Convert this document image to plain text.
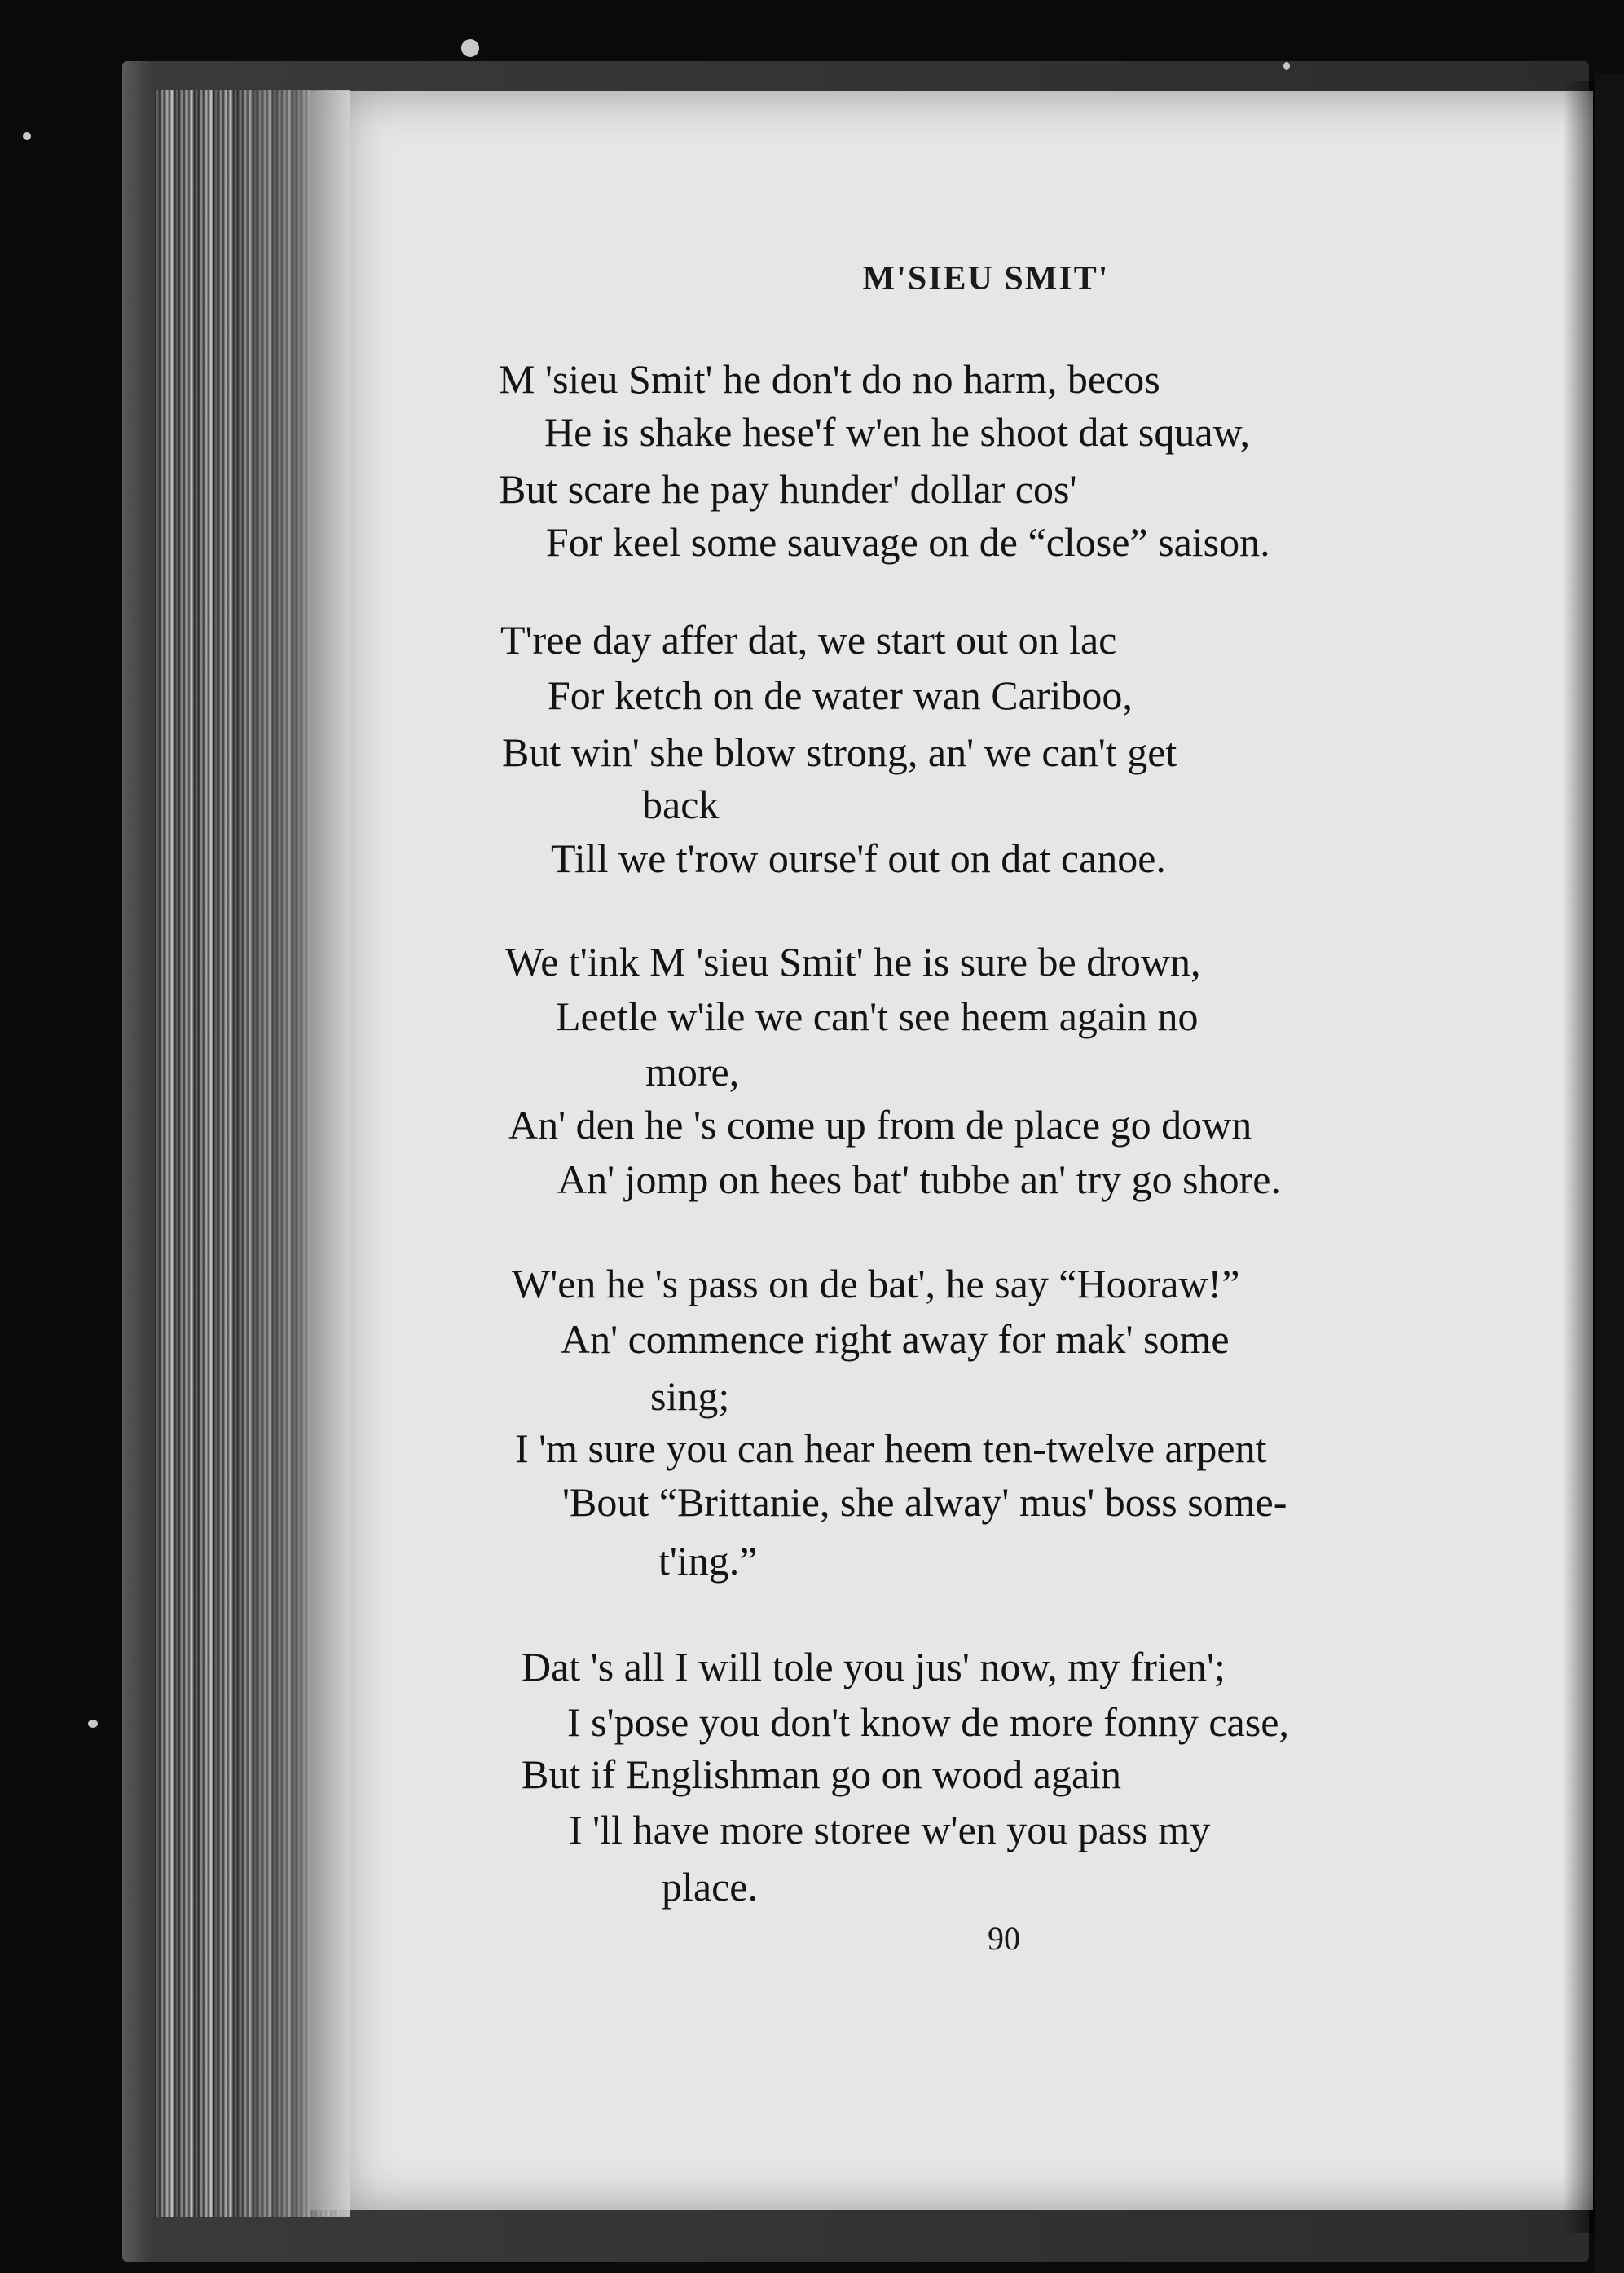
M'SIEU SMIT'
M 'sieu Smit' he don't do no harm, becos
He is shake hese'f w'en he shoot dat squaw,
But scare he pay hunder' dollar cos'
For keel some sauvage on de “close” saison.
T'ree day affer dat, we start out on lac
For ketch on de water wan Cariboo,
But win' she blow strong, an' we can't get
back
Till we t'row ourse'f out on dat canoe.
We t'ink M 'sieu Smit' he is sure be drown,
Leetle w'ile we can't see heem again no
more,
An' den he 's come up from de place go down
An' jomp on hees bat' tubbe an' try go shore.
W'en he 's pass on de bat', he say “Hooraw!”
An' commence right away for mak' some
sing;
I 'm sure you can hear heem ten-twelve arpent
'Bout “Brittanie, she alway' mus' boss some-
t'ing.”
Dat 's all I will tole you jus' now, my frien';
I s'pose you don't know de more fonny case,
But if Englishman go on wood again
I 'll have more storee w'en you pass my
place.
90
